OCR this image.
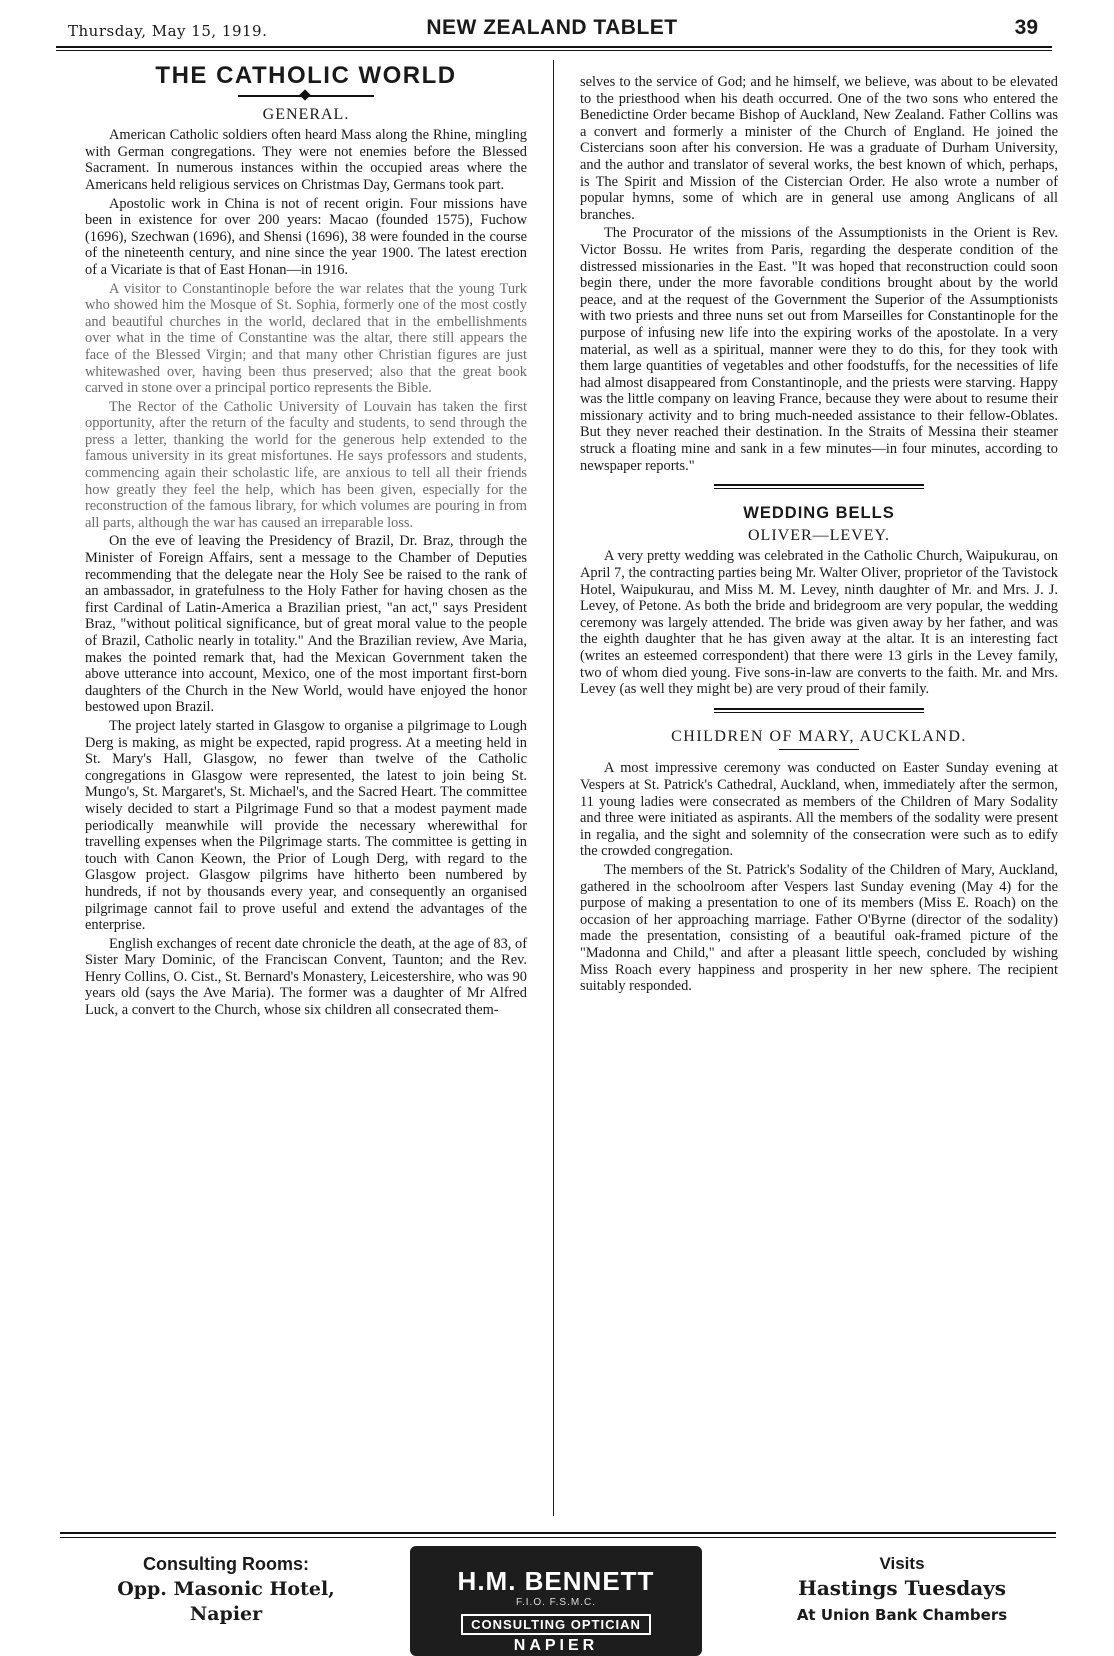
Thursday, May 15, 1919.	NEW ZEALAND TABLET	39
THE CATHOLIC WORLD
GENERAL.

American Catholic soldiers often heard Mass along the Rhine, mingling with German congregations. They were not enemies before the Blessed Sacrament. In numerous instances within the occupied areas where the Americans held religious services on Christmas Day, Germans took part.

Apostolic work in China is not of recent origin. Four missions have been in existence for over 200 years: Macao (founded 1575), Fuchow (1696), Szechwan (1696), and Shensi (1696), 38 were founded in the course of the nineteenth century, and nine since the year 1900. The latest erection of a Vicariate is that of East Honan—in 1916.

A visitor to Constantinople before the war relates that the young Turk who showed him the Mosque of St. Sophia, formerly one of the most costly and beautiful churches in the world, declared that in the embellishments over what in the time of Constantine was the altar, there still appears the face of the Blessed Virgin; and that many other Christian figures are just whitewashed over, having been thus preserved; also that the great book carved in stone over a principal portico represents the Bible.

The Rector of the Catholic University of Louvain has taken the first opportunity, after the return of the faculty and students, to send through the press a letter, thanking the world for the generous help extended to the famous university in its great misfortunes. He says professors and students, commencing again their scholastic life, are anxious to tell all their friends how greatly they feel the help, which has been given, especially for the reconstruction of the famous library, for which volumes are pouring in from all parts, although the war has caused an irreparable loss.

On the eve of leaving the Presidency of Brazil, Dr. Braz, through the Minister of Foreign Affairs, sent a message to the Chamber of Deputies recommending that the delegate near the Holy See be raised to the rank of an ambassador, in gratefulness to the Holy Father for having chosen as the first Cardinal of Latin-America a Brazilian priest, "an act," says President Braz, "without political significance, but of great moral value to the people of Brazil, Catholic nearly in totality." And the Brazilian review, Ave Maria, makes the pointed remark that, had the Mexican Government taken the above utterance into account, Mexico, one of the most important first-born daughters of the Church in the New World, would have enjoyed the honor bestowed upon Brazil.

The project lately started in Glasgow to organise a pilgrimage to Lough Derg is making, as might be expected, rapid progress. At a meeting held in St. Mary's Hall, Glasgow, no fewer than twelve of the Catholic congregations in Glasgow were represented, the latest to join being St. Mungo's, St. Margaret's, St. Michael's, and the Sacred Heart. The committee wisely decided to start a Pilgrimage Fund so that a modest payment made periodically meanwhile will provide the necessary wherewithal for travelling expenses when the Pilgrimage starts. The committee is getting in touch with Canon Keown, the Prior of Lough Derg, with regard to the Glasgow project. Glasgow pilgrims have hitherto been numbered by hundreds, if not by thousands every year, and consequently an organised pilgrimage cannot fail to prove useful and extend the advantages of the enterprise.

English exchanges of recent date chronicle the death, at the age of 83, of Sister Mary Dominic, of the Franciscan Convent, Taunton; and the Rev. Henry Collins, O. Cist., St. Bernard's Monastery, Leicestershire, who was 90 years old (says the Ave Maria). The former was a daughter of Mr Alfred Luck, a convert to the Church, whose six children all consecrated them-

selves to the service of God; and he himself, we believe, was about to be elevated to the priesthood when his death occurred. One of the two sons who entered the Benedictine Order became Bishop of Auckland, New Zealand. Father Collins was a convert and formerly a minister of the Church of England. He joined the Cistercians soon after his conversion. He was a graduate of Durham University, and the author and translator of several works, the best known of which, perhaps, is The Spirit and Mission of the Cistercian Order. He also wrote a number of popular hymns, some of which are in general use among Anglicans of all branches.

The Procurator of the missions of the Assumptionists in the Orient is Rev. Victor Bossu. He writes from Paris, regarding the desperate condition of the distressed missionaries in the East. "It was hoped that reconstruction could soon begin there, under the more favorable conditions brought about by the world peace, and at the request of the Government the Superior of the Assumptionists with two priests and three nuns set out from Marseilles for Constantinople for the purpose of infusing new life into the expiring works of the apostolate. In a very material, as well as a spiritual, manner were they to do this, for they took with them large quantities of vegetables and other foodstuffs, for the necessities of life had almost disappeared from Constantinople, and the priests were starving. Happy was the little company on leaving France, because they were about to resume their missionary activity and to bring much-needed assistance to their fellow-Oblates. But they never reached their destination. In the Straits of Messina their steamer struck a floating mine and sank in a few minutes—in four minutes, according to newspaper reports."

WEDDING BELLS
OLIVER—LEVEY.

A very pretty wedding was celebrated in the Catholic Church, Waipukurau, on April 7, the contracting parties being Mr. Walter Oliver, proprietor of the Tavistock Hotel, Waipukurau, and Miss M. M. Levey, ninth daughter of Mr. and Mrs. J. J. Levey, of Petone. As both the bride and bridegroom are very popular, the wedding ceremony was largely attended. The bride was given away by her father, and was the eighth daughter that he has given away at the altar. It is an interesting fact (writes an esteemed correspondent) that there were 13 girls in the Levey family, two of whom died young. Five sons-in-law are converts to the faith. Mr. and Mrs. Levey (as well they might be) are very proud of their family.

CHILDREN OF MARY, AUCKLAND.

A most impressive ceremony was conducted on Easter Sunday evening at Vespers at St. Patrick's Cathedral, Auckland, when, immediately after the sermon, 11 young ladies were consecrated as members of the Children of Mary Sodality and three were initiated as aspirants. All the members of the sodality were present in regalia, and the sight and solemnity of the consecration were such as to edify the crowded congregation.

The members of the St. Patrick's Sodality of the Children of Mary, Auckland, gathered in the schoolroom after Vespers last Sunday evening (May 4) for the purpose of making a presentation to one of its members (Miss E. Roach) on the occasion of her approaching marriage. Father O'Byrne (director of the sodality) made the presentation, consisting of a beautiful oak-framed picture of the "Madonna and Child," and after a pleasant little speech, concluded by wishing Miss Roach every happiness and prosperity in her new sphere. The recipient suitably responded.

Consulting Rooms:
Opp. Masonic Hotel,
Napier
H.M. BENNETT
F.I.O. F.S.M.C.
CONSULTING OPTICIAN
NAPIER
Visits
Hastings Tuesdays
At Union Bank Chambers
